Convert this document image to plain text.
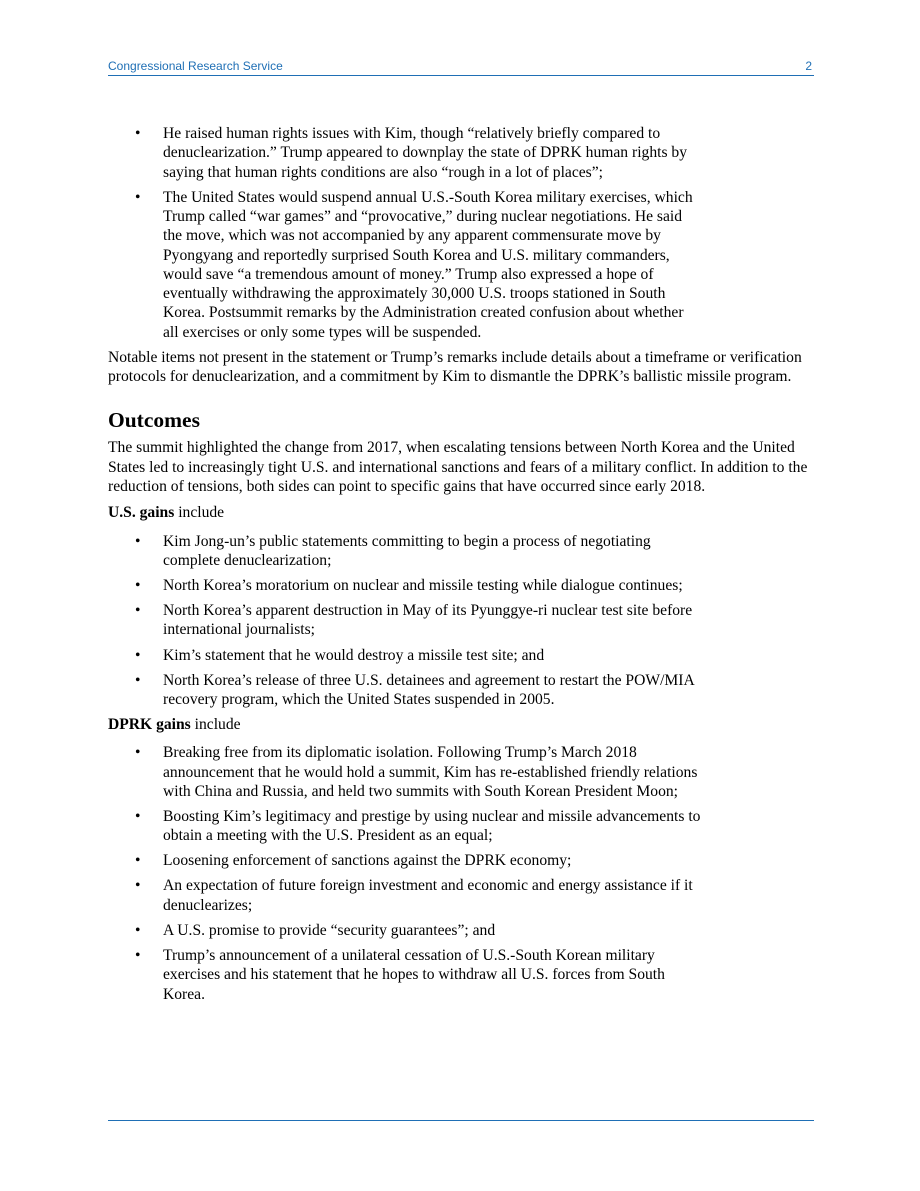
Congressional Research Service	2
• He raised human rights issues with Kim, though “relatively briefly compared to denuclearization.” Trump appeared to downplay the state of DPRK human rights by saying that human rights conditions are also “rough in a lot of places”;
• The United States would suspend annual U.S.-South Korea military exercises, which Trump called “war games” and “provocative,” during nuclear negotiations. He said the move, which was not accompanied by any apparent commensurate move by Pyongyang and reportedly surprised South Korea and U.S. military commanders, would save “a tremendous amount of money.” Trump also expressed a hope of eventually withdrawing the approximately 30,000 U.S. troops stationed in South Korea. Postsummit remarks by the Administration created confusion about whether all exercises or only some types will be suspended.

Notable items not present in the statement or Trump’s remarks include details about a timeframe or verification protocols for denuclearization, and a commitment by Kim to dismantle the DPRK’s ballistic missile program.

Outcomes

The summit highlighted the change from 2017, when escalating tensions between North Korea and the United States led to increasingly tight U.S. and international sanctions and fears of a military conflict. In addition to the reduction of tensions, both sides can point to specific gains that have occurred since early 2018.

U.S. gains include

• Kim Jong-un’s public statements committing to begin a process of negotiating complete denuclearization;
• North Korea’s moratorium on nuclear and missile testing while dialogue continues;
• North Korea’s apparent destruction in May of its Pyunggye-ri nuclear test site before international journalists;
• Kim’s statement that he would destroy a missile test site; and
• North Korea’s release of three U.S. detainees and agreement to restart the POW/MIA recovery program, which the United States suspended in 2005.

DPRK gains include

• Breaking free from its diplomatic isolation. Following Trump’s March 2018 announcement that he would hold a summit, Kim has re-established friendly relations with China and Russia, and held two summits with South Korean President Moon;
• Boosting Kim’s legitimacy and prestige by using nuclear and missile advancements to obtain a meeting with the U.S. President as an equal;
• Loosening enforcement of sanctions against the DPRK economy;
• An expectation of future foreign investment and economic and energy assistance if it denuclearizes;
• A U.S. promise to provide “security guarantees”; and
• Trump’s announcement of a unilateral cessation of U.S.-South Korean military exercises and his statement that he hopes to withdraw all U.S. forces from South Korea.
